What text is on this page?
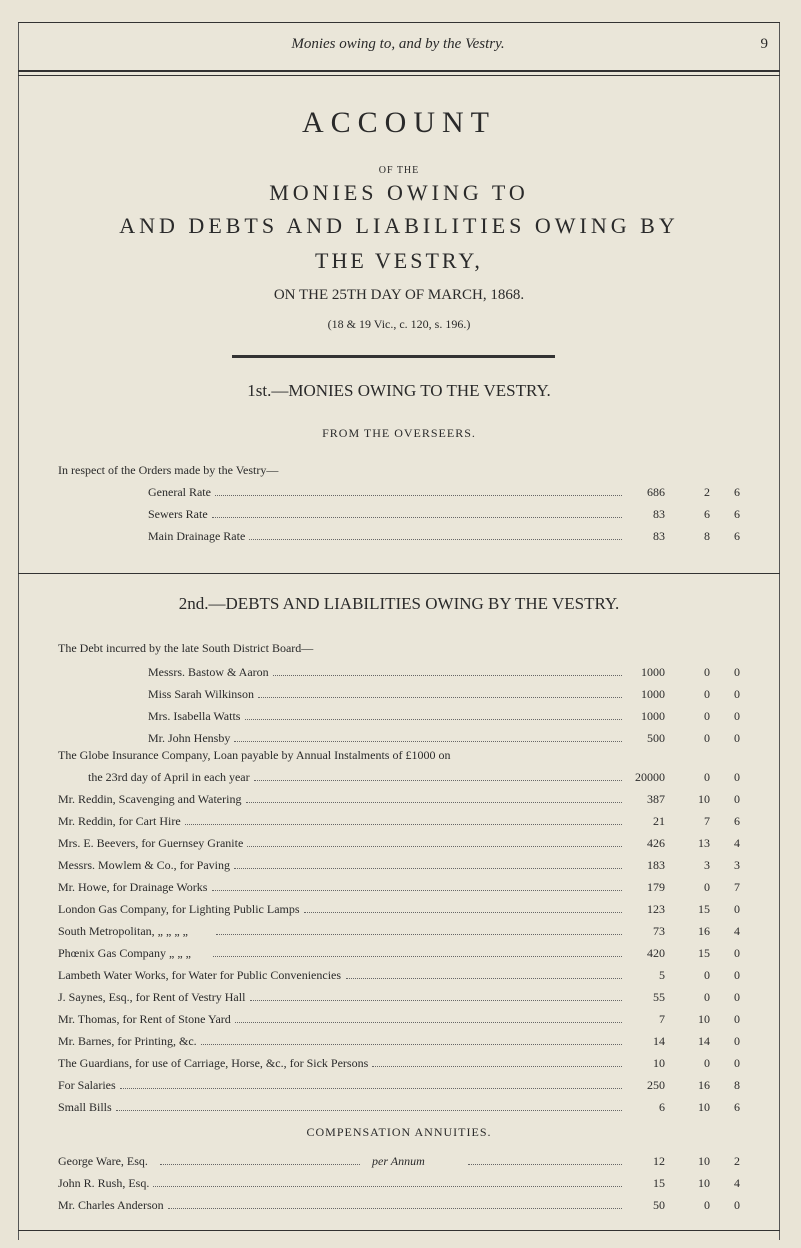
Monies owing to, and by the Vestry.	9
ACCOUNT
OF THE
MONIES OWING TO
AND DEBTS AND LIABILITIES OWING BY
THE VESTRY,
ON THE 25TH DAY OF MARCH, 1868.
(18 & 19 Vic., c. 120, s. 196.)
1st.—MONIES OWING TO THE VESTRY.
FROM THE OVERSEERS.
In respect of the Orders made by the Vestry—
General Rate	686	2	6
Sewers Rate	83	6	6
Main Drainage Rate	83	8	6
2nd.—DEBTS AND LIABILITIES OWING BY THE VESTRY.
The Debt incurred by the late South District Board—
Messrs. Bastow & Aaron	1000	0	0
Miss Sarah Wilkinson	1000	0	0
Mrs. Isabella Watts	1000	0	0
Mr. John Hensby	500	0	0
The Globe Insurance Company, Loan payable by Annual Instalments of £1000 on
the 23rd day of April in each year	20000	0	0
Mr. Reddin, Scavenging and Watering	387	10	0
Mr. Reddin, for Cart Hire	21	7	6
Mrs. E. Beevers, for Guernsey Granite	426	13	4
Messrs. Mowlem & Co., for Paving	183	3	3
Mr. Howe, for Drainage Works	179	0	7
London Gas Company, for Lighting Public Lamps	123	15	0
South Metropolitan, „ „ „ „	73	16	4
Phœnix Gas Company „ „ „	420	15	0
Lambeth Water Works, for Water for Public Conveniencies	5	0	0
J. Saynes, Esq., for Rent of Vestry Hall	55	0	0
Mr. Thomas, for Rent of Stone Yard	7	10	0
Mr. Barnes, for Printing, &c.	14	14	0
The Guardians, for use of Carriage, Horse, &c., for Sick Persons	10	0	0
For Salaries	250	16	8
Small Bills	6	10	6
COMPENSATION ANNUITIES.
George Ware, Esq.	12	10	2
per Annum
John R. Rush, Esq.	15	10	4
Mr. Charles Anderson	50	0	0
